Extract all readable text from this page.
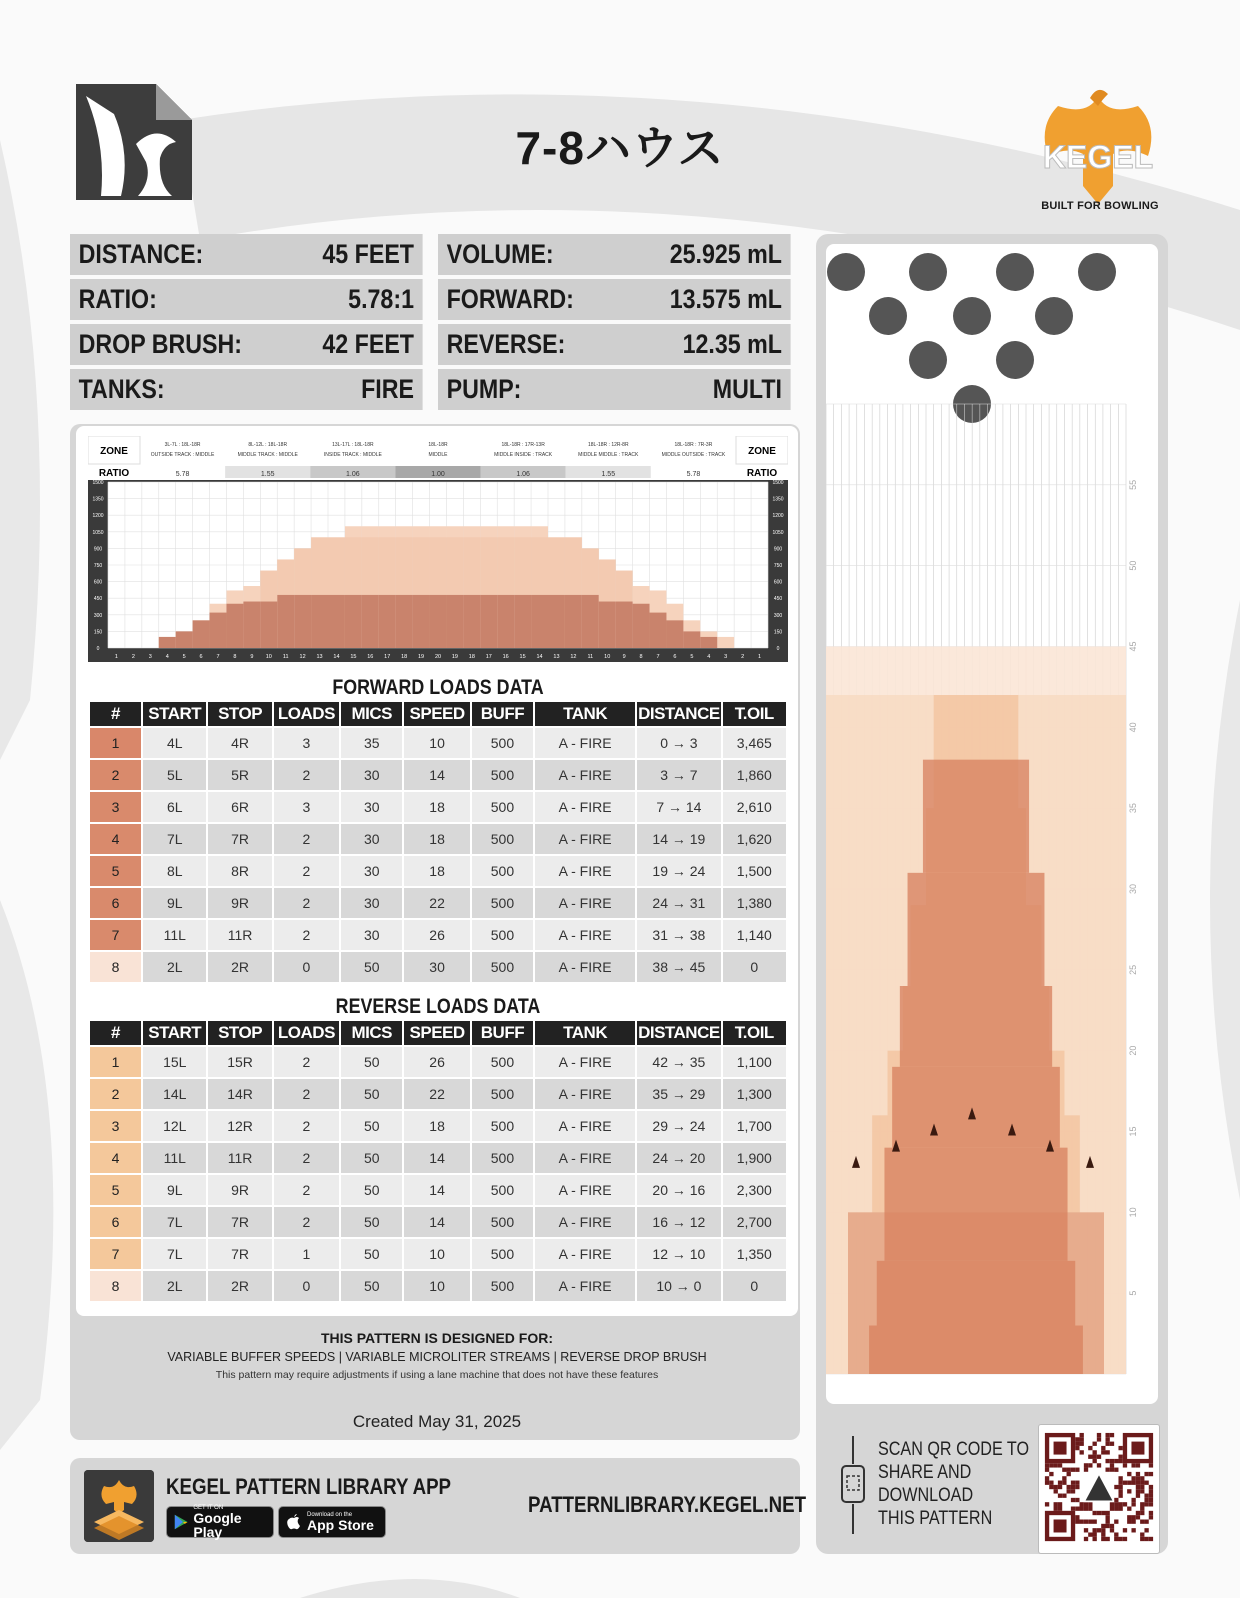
7-8ハウス	KEGEL
BUILT FOR BOWLING
DISTANCE:	45 FEET
RATIO:	5.78:1
DROP BRUSH:	42 FEET
TANKS:	FIRE
VOLUME:	25.925 mL
FORWARD:	13.575 mL
REVERSE:	12.35 mL
PUMP:	MULTI
ZONE	ZONE
RATIO	RATIO
3L-7L : 18L-18R
OUTSIDE TRACK : MIDDLE
5.78
8L-12L : 18L-18R
MIDDLE TRACK : MIDDLE
1.55
13L-17L : 18L-18R
INSIDE TRACK : MIDDLE
1.06
18L-18R
MIDDLE
1.00
18L-18R : 17R-13R
MIDDLE INSIDE : TRACK
1.06
18L-18R : 12R-8R
MIDDLE MIDDLE : TRACK
1.55
18L-18R : 7R-3R
MIDDLE OUTSIDE : TRACK
5.78
1500	1500
1350	1350
1200	1200
1050	1050
900	900
750	750
600	600
450	450
300	300
150	150
0	0
1	2	3	4	5	6	7	8	9 10 11 12 13 14 15 16 17 18 19 20 19 18 17 16 15 14 13 12 11 10 9	8	7	6	5	4	3	2	1
FORWARD LOADS DATA
#	START	STOP	LOADS	MICS	SPEED	BUFF	TANK	DISTANCE	T.OIL
1	4L	4R	3	35	10	500	A - FIRE	0 → 3	3,465
2	5L	5R	2	30	14	500	A - FIRE	3 → 7	1,860
3	6L	6R	3	30	18	500	A - FIRE	7 → 14	2,610
4	7L	7R	2	30	18	500	A - FIRE	14 → 19	1,620
5	8L	8R	2	30	18	500	A - FIRE	19 → 24	1,500
6	9L	9R	2	30	22	500	A - FIRE	24 → 31	1,380
7	11L	11R	2	30	26	500	A - FIRE	31 → 38	1,140
8	2L	2R	0	50	30	500	A - FIRE	38 → 45	0
REVERSE LOADS DATA
#	START	STOP	LOADS	MICS	SPEED	BUFF	TANK	DISTANCE	T.OIL
1	15L	15R	2	50	26	500	A - FIRE	42 → 35	1,100
2	14L	14R	2	50	22	500	A - FIRE	35 → 29	1,300
3	12L	12R	2	50	18	500	A - FIRE	29 → 24	1,700
4	11L	11R	2	50	14	500	A - FIRE	24 → 20	1,900
5	9L	9R	2	50	14	500	A - FIRE	20 → 16	2,300
6	7L	7R	2	50	14	500	A - FIRE	16 → 12	2,700
7	7L	7R	1	50	10	500	A - FIRE	12 → 10	1,350
8	2L	2R	0	50	10	500	A - FIRE	10 → 0	0
THIS PATTERN IS DESIGNED FOR:
VARIABLE BUFFER SPEEDS | VARIABLE MICROLITER STREAMS | REVERSE DROP BRUSH
This pattern may require adjustments if using a lane machine that does not have these features
Created May 31, 2025
KEGEL PATTERN LIBRARY APP
GET IT ON
Google Play
Download on the
App Store
PATTERNLIBRARY.KEGEL.NET
55
50
45
40
35
30
25
20
15
10
5
SCAN QR CODE TO
SHARE AND
DOWNLOAD
THIS PATTERN
